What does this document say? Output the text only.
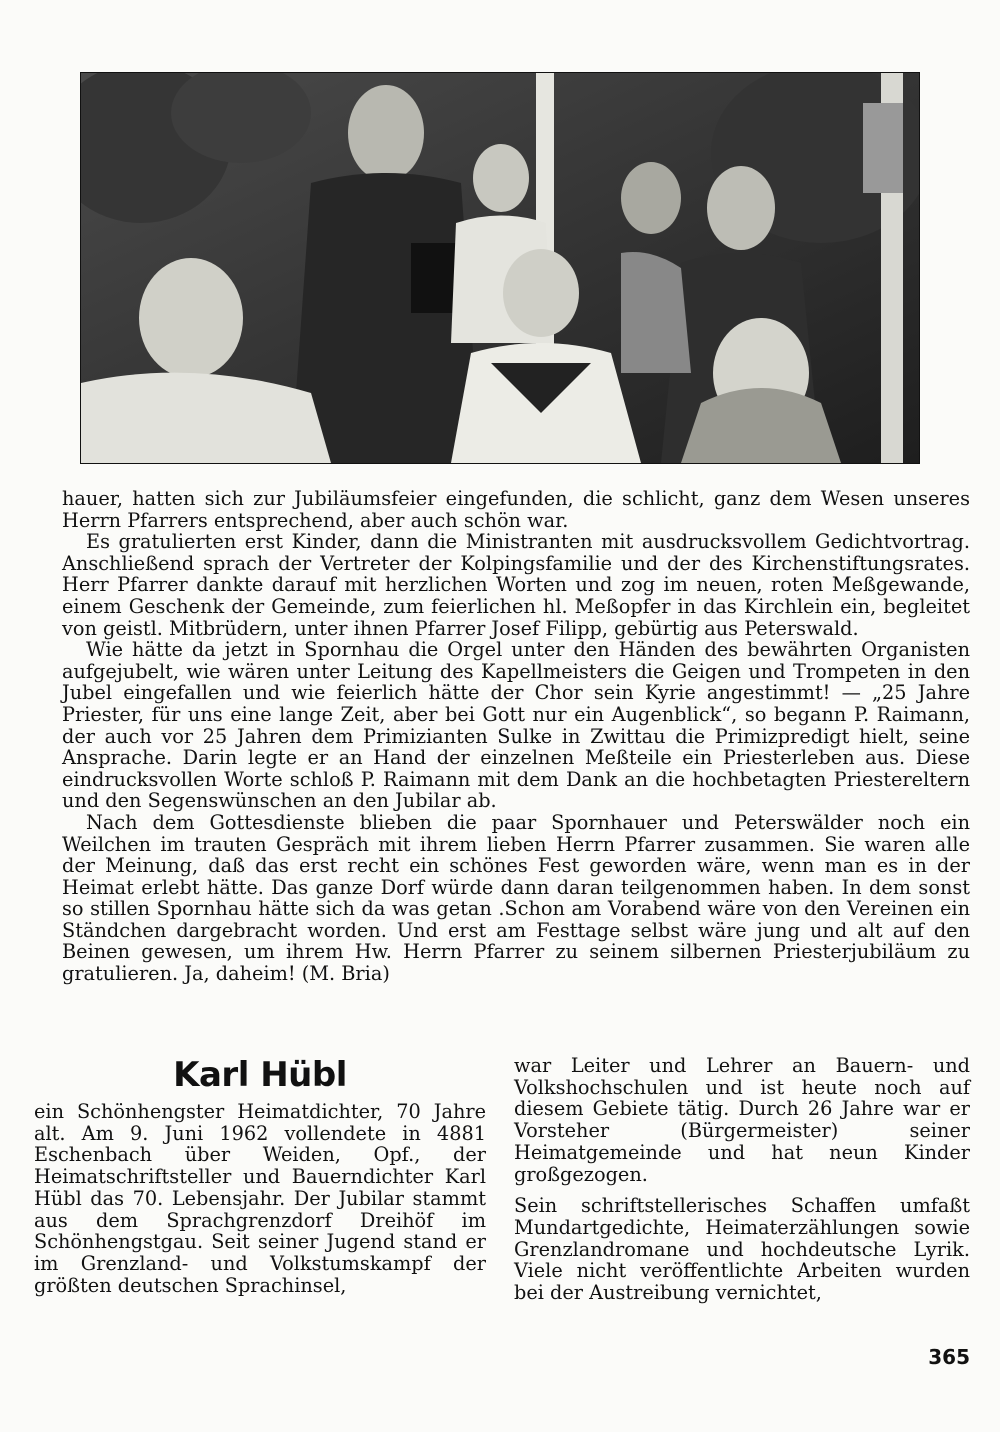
hauer, hatten sich zur Jubiläumsfeier eingefunden, die schlicht, ganz dem Wesen unseres Herrn Pfarrers entsprechend, aber auch schön war.

Es gratulierten erst Kinder, dann die Ministranten mit ausdrucksvollem Gedichtvortrag. Anschließend sprach der Vertreter der Kolpingsfamilie und der des Kirchenstiftungsrates. Herr Pfarrer dankte darauf mit herzlichen Worten und zog im neuen, roten Meßgewande, einem Geschenk der Gemeinde, zum feierlichen hl. Meßopfer in das Kirchlein ein, begleitet von geistl. Mitbrüdern, unter ihnen Pfarrer Josef Filipp, gebürtig aus Peterswald.

Wie hätte da jetzt in Spornhau die Orgel unter den Händen des bewährten Organisten aufgejubelt, wie wären unter Leitung des Kapellmeisters die Geigen und Trompeten in den Jubel eingefallen und wie feierlich hätte der Chor sein Kyrie angestimmt! — „25 Jahre Priester, für uns eine lange Zeit, aber bei Gott nur ein Augenblick“, so begann P. Raimann, der auch vor 25 Jahren dem Primizianten Sulke in Zwittau die Primizpredigt hielt, seine Ansprache. Darin legte er an Hand der einzelnen Meßteile ein Priesterleben aus. Diese eindrucksvollen Worte schloß P. Raimann mit dem Dank an die hochbetagten Priestereltern und den Segenswünschen an den Jubilar ab.

Nach dem Gottesdienste blieben die paar Spornhauer und Peterswälder noch ein Weilchen im trauten Gespräch mit ihrem lieben Herrn Pfarrer zusammen. Sie waren alle der Meinung, daß das erst recht ein schönes Fest geworden wäre, wenn man es in der Heimat erlebt hätte. Das ganze Dorf würde dann daran teilgenommen haben. In dem sonst so stillen Spornhau hätte sich da was getan .Schon am Vorabend wäre von den Vereinen ein Ständchen dargebracht worden. Und erst am Festtage selbst wäre jung und alt auf den Beinen gewesen, um ihrem Hw. Herrn Pfarrer zu seinem silbernen Priesterjubiläum zu gratulieren. Ja, daheim! (M. Bria)

Karl Hübl

ein Schönhengster Heimatdichter, 70 Jahre alt. Am 9. Juni 1962 vollendete in 4881 Eschenbach über Weiden, Opf., der Heimatschriftsteller und Bauerndichter Karl Hübl das 70. Lebensjahr. Der Jubilar stammt aus dem Sprachgrenzdorf Dreihöf im Schönhengstgau. Seit seiner Jugend stand er im Grenzland- und Volkstumskampf der größten deutschen Sprachinsel,

war Leiter und Lehrer an Bauern- und Volkshochschulen und ist heute noch auf diesem Gebiete tätig. Durch 26 Jahre war er Vorsteher (Bürgermeister) seiner Heimatgemeinde und hat neun Kinder großgezogen.

Sein schriftstellerisches Schaffen umfaßt Mundartgedichte, Heimaterzählungen sowie Grenzlandromane und hochdeutsche Lyrik. Viele nicht veröffentlichte Arbeiten wurden bei der Austreibung vernichtet,

365
